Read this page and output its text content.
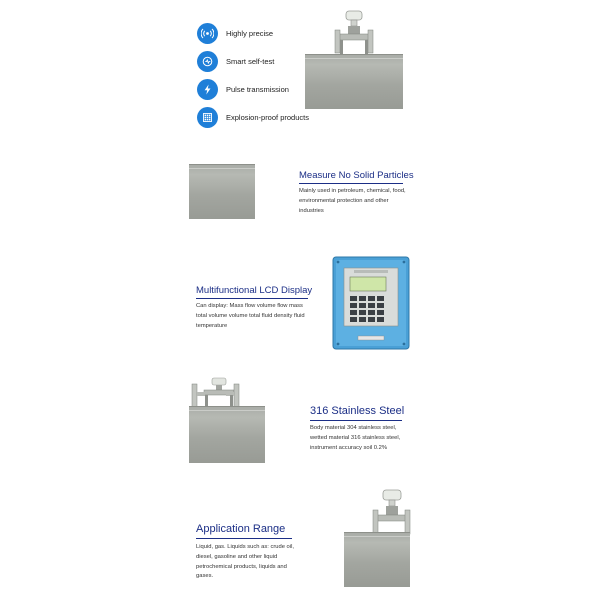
Highly precise
Smart self-test
Pulse transmission
Explosion-proof products
Measure No Solid Particles
Mainly used in petroleum, chemical, food, environmental protection and other industries
Multifunctional LCD Display
Can display: Mass flow volume flow mass total volume volume total fluid density fluid temperature
316 Stainless Steel
Body material 304 stainless steel, wetted material 316 stainless steel, instrument accuracy soil 0.2%
Application Range
Liquid, gas. Liquids such as: crude oil, diesel, gasoline and other liquid petrochemical products, liquids and gases.
